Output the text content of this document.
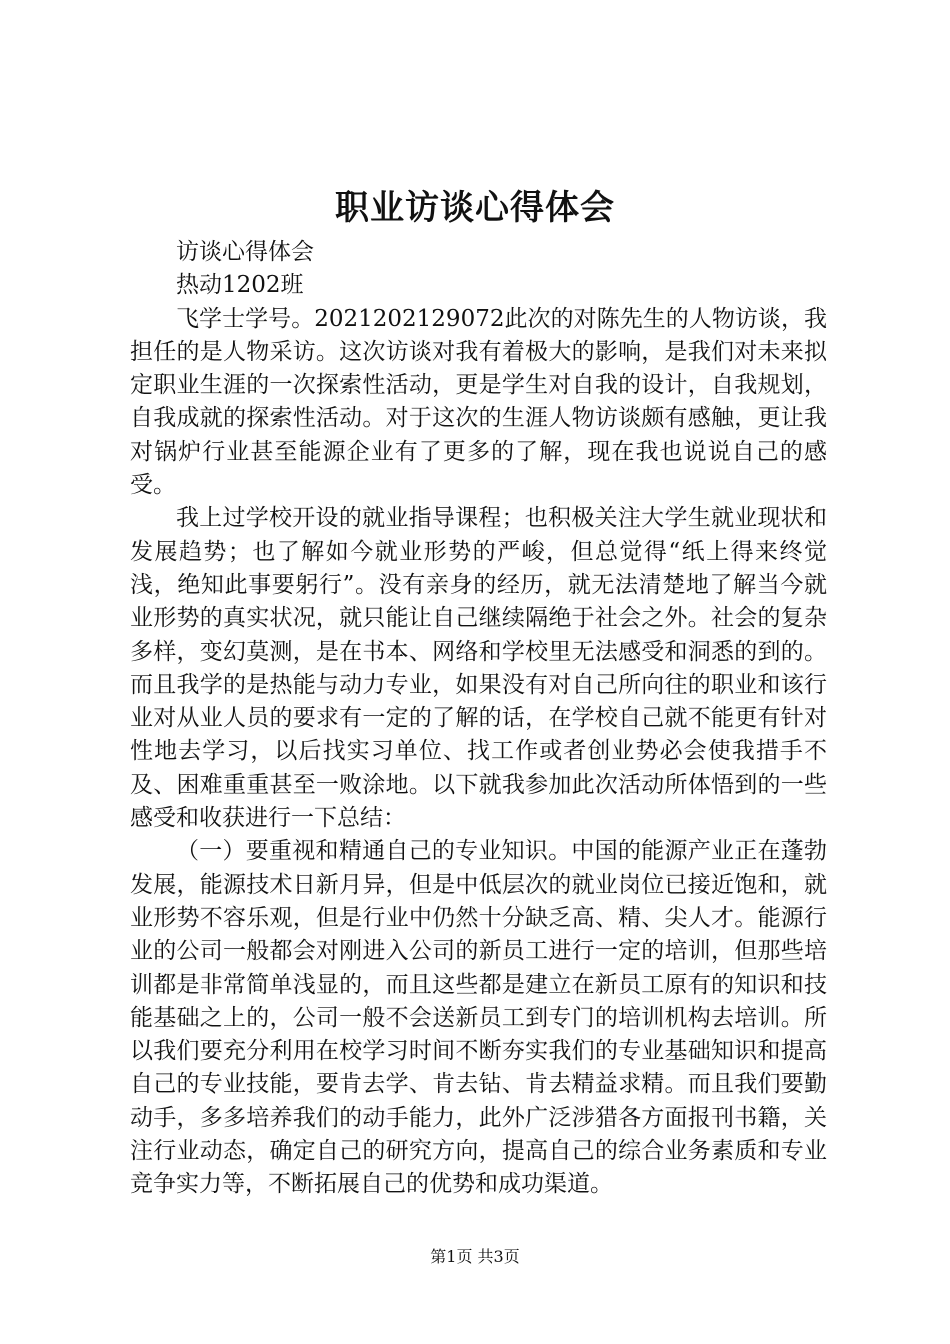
职业访谈心得体会

访谈心得体会

热动1202班

飞学士学号。2021202129072此次的对陈先生的人物访谈，我担任的是人物采访。这次访谈对我有着极大的影响，是我们对未来拟定职业生涯的一次探索性活动，更是学生对自我的设计，自我规划，自我成就的探索性活动。对于这次的生涯人物访谈颇有感触，更让我对锅炉行业甚至能源企业有了更多的了解，现在我也说说自己的感受。

我上过学校开设的就业指导课程；也积极关注大学生就业现状和发展趋势；也了解如今就业形势的严峻，但总觉得“纸上得来终觉浅，绝知此事要躬行”。没有亲身的经历，就无法清楚地了解当今就业形势的真实状况，就只能让自己继续隔绝于社会之外。社会的复杂多样，变幻莫测，是在书本、网络和学校里无法感受和洞悉的到的。而且我学的是热能与动力专业，如果没有对自己所向往的职业和该行业对从业人员的要求有一定的了解的话，在学校自己就不能更有针对性地去学习，以后找实习单位、找工作或者创业势必会使我措手不及、困难重重甚至一败涂地。以下就我参加此次活动所体悟到的一些感受和收获进行一下总结：

（一）要重视和精通自己的专业知识。中国的能源产业正在蓬勃发展，能源技术日新月异，但是中低层次的就业岗位已接近饱和，就业形势不容乐观，但是行业中仍然十分缺乏高、精、尖人才。能源行业的公司一般都会对刚进入公司的新员工进行一定的培训，但那些培训都是非常简单浅显的，而且这些都是建立在新员工原有的知识和技能基础之上的，公司一般不会送新员工到专门的培训机构去培训。所以我们要充分利用在校学习时间不断夯实我们的专业基础知识和提高自己的专业技能，要肯去学、肯去钻、肯去精益求精。而且我们要勤动手，多多培养我们的动手能力，此外广泛涉猎各方面报刊书籍，关注行业动态，确定自己的研究方向，提高自己的综合业务素质和专业竞争实力等，不断拓展自己的优势和成功渠道。

第1页 共3页
